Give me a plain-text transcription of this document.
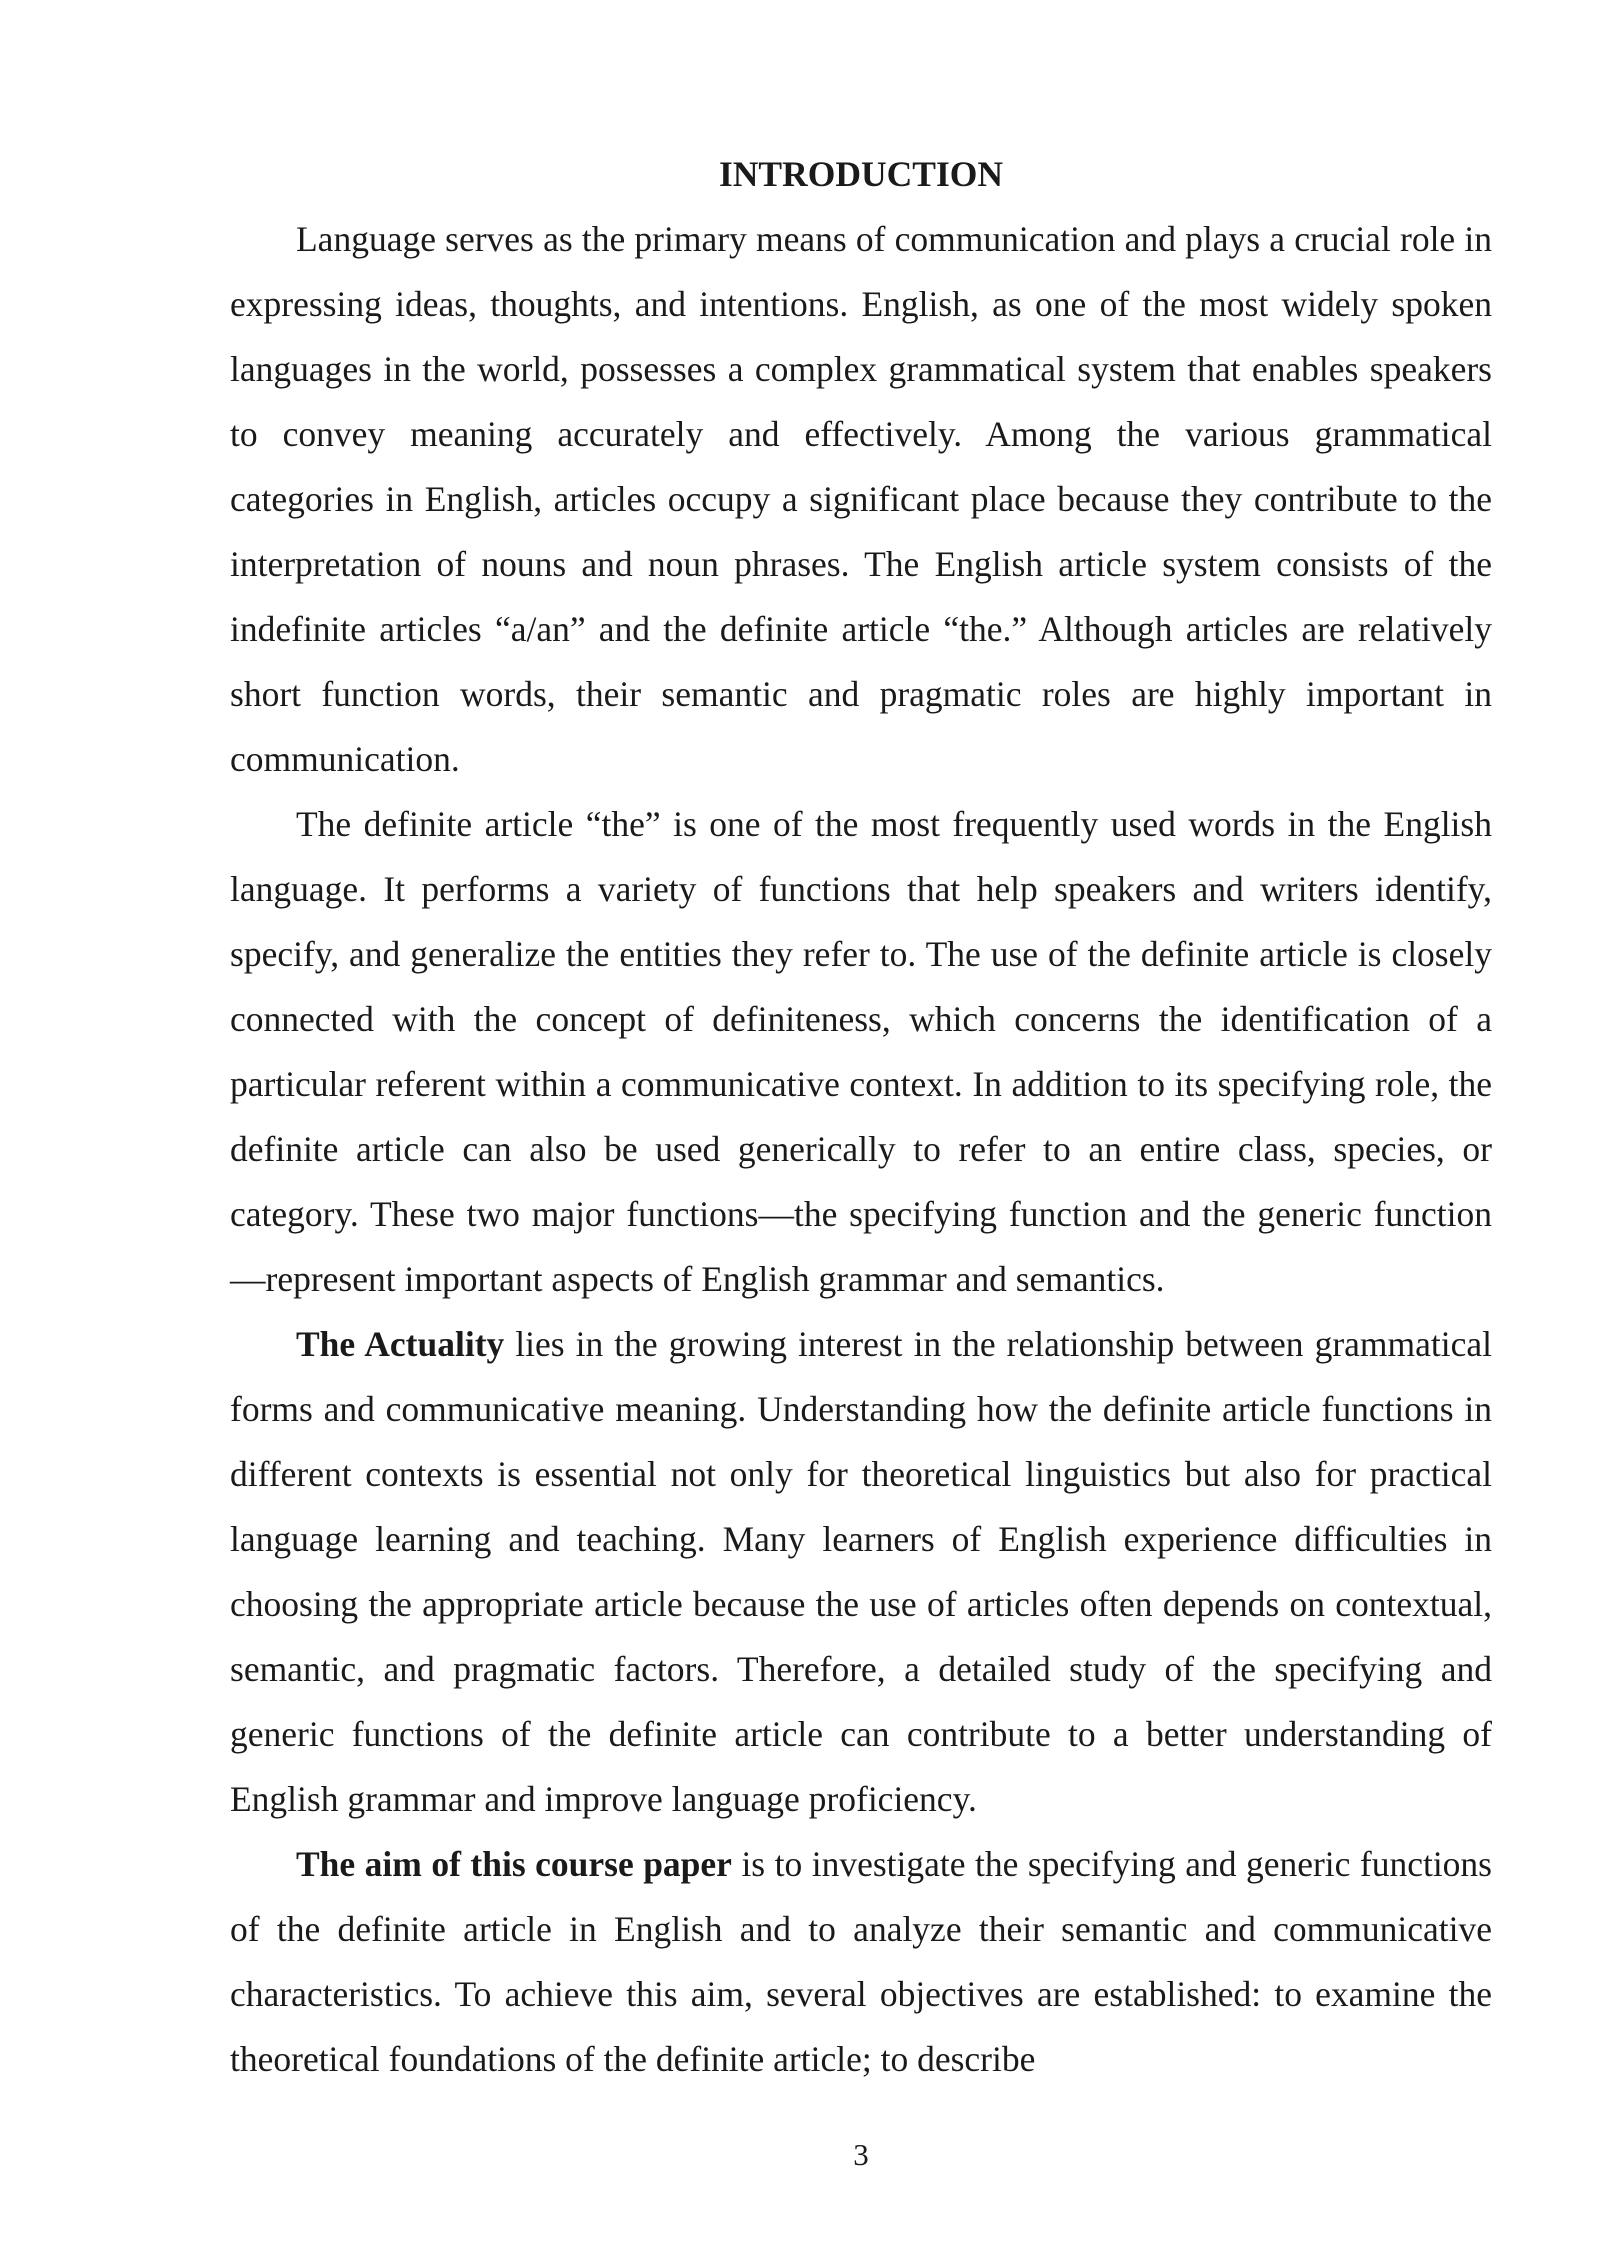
INTRODUCTION

Language serves as the primary means of communication and plays a crucial role in expressing ideas, thoughts, and intentions. English, as one of the most widely spoken languages in the world, possesses a complex grammatical system that enables speakers to convey meaning accurately and effectively. Among the various grammatical categories in English, articles occupy a significant place because they contribute to the interpretation of nouns and noun phrases. The English article system consists of the indefinite articles “a/an” and the definite article “the.” Although articles are relatively short function words, their semantic and pragmatic roles are highly important in communication.

The definite article “the” is one of the most frequently used words in the English language. It performs a variety of functions that help speakers and writers identify, specify, and generalize the entities they refer to. The use of the definite article is closely connected with the concept of definiteness, which concerns the identification of a particular referent within a communicative context. In addition to its specifying role, the definite article can also be used generically to refer to an entire class, species, or category. These two major functions—the specifying function and the generic function—represent important aspects of English grammar and semantics.

The Actuality lies in the growing interest in the relationship between grammatical forms and communicative meaning. Understanding how the definite article functions in different contexts is essential not only for theoretical linguistics but also for practical language learning and teaching. Many learners of English experience difficulties in choosing the appropriate article because the use of articles often depends on contextual, semantic, and pragmatic factors. Therefore, a detailed study of the specifying and generic functions of the definite article can contribute to a better understanding of English grammar and improve language proficiency.

The aim of this course paper is to investigate the specifying and generic functions of the definite article in English and to analyze their semantic and communicative characteristics. To achieve this aim, several objectives are established: to examine the theoretical foundations of the definite article; to describe

3
